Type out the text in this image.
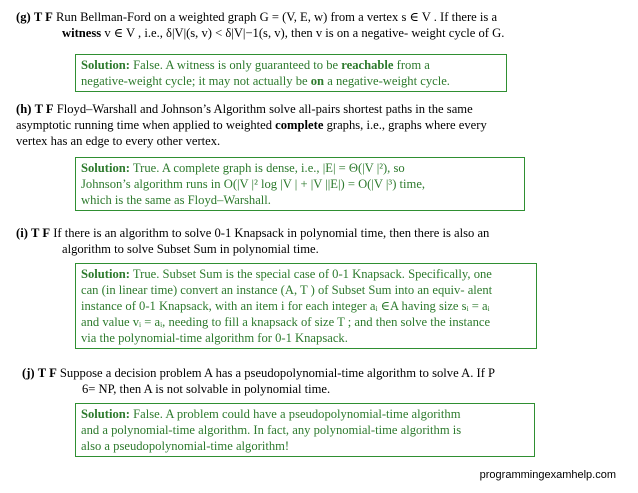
(g) T F Run Bellman-Ford on a weighted graph G = (V, E, w) from a vertex s ∈ V . If there is a
witness v ∈ V , i.e., δ|V|(s, v) < δ|V|−1(s, v), then v is on a negative- weight cycle of G.
Solution: False. A witness is only guaranteed to be reachable from a
negative-weight cycle; it may not actually be on a negative-weight cycle.
(h) T F Floyd–Warshall and Johnson’s Algorithm solve all-pairs shortest paths in the same
asymptotic running time when applied to weighted complete graphs, i.e., graphs where every
vertex has an edge to every other vertex.
Solution: True. A complete graph is dense, i.e., |E| = Θ(|V |²), so
Johnson’s algorithm runs in O(|V |² log |V | + |V ||E|) = O(|V |³) time,
which is the same as Floyd–Warshall.
(i) T F If there is an algorithm to solve 0-1 Knapsack in polynomial time, then there is also an
algorithm to solve Subset Sum in polynomial time.
Solution: True. Subset Sum is the special case of 0-1 Knapsack. Specifically, one
can (in linear time) convert an instance (A, T ) of Subset Sum into an equiv- alent
instance of 0-1 Knapsack, with an item i for each integer aᵢ ∈A having size sᵢ = aᵢ
and value vᵢ = aᵢ, needing to fill a knapsack of size T ; and then solve the instance
via the polynomial-time algorithm for 0-1 Knapsack.
(j) T F Suppose a decision problem A has a pseudopolynomial-time algorithm to solve A. If P
6= NP, then A is not solvable in polynomial time.
Solution: False. A problem could have a pseudopolynomial-time algorithm
and a polynomial-time algorithm. In fact, any polynomial-time algorithm is
also a pseudopolynomial-time algorithm!
programmingexamhelp.com
